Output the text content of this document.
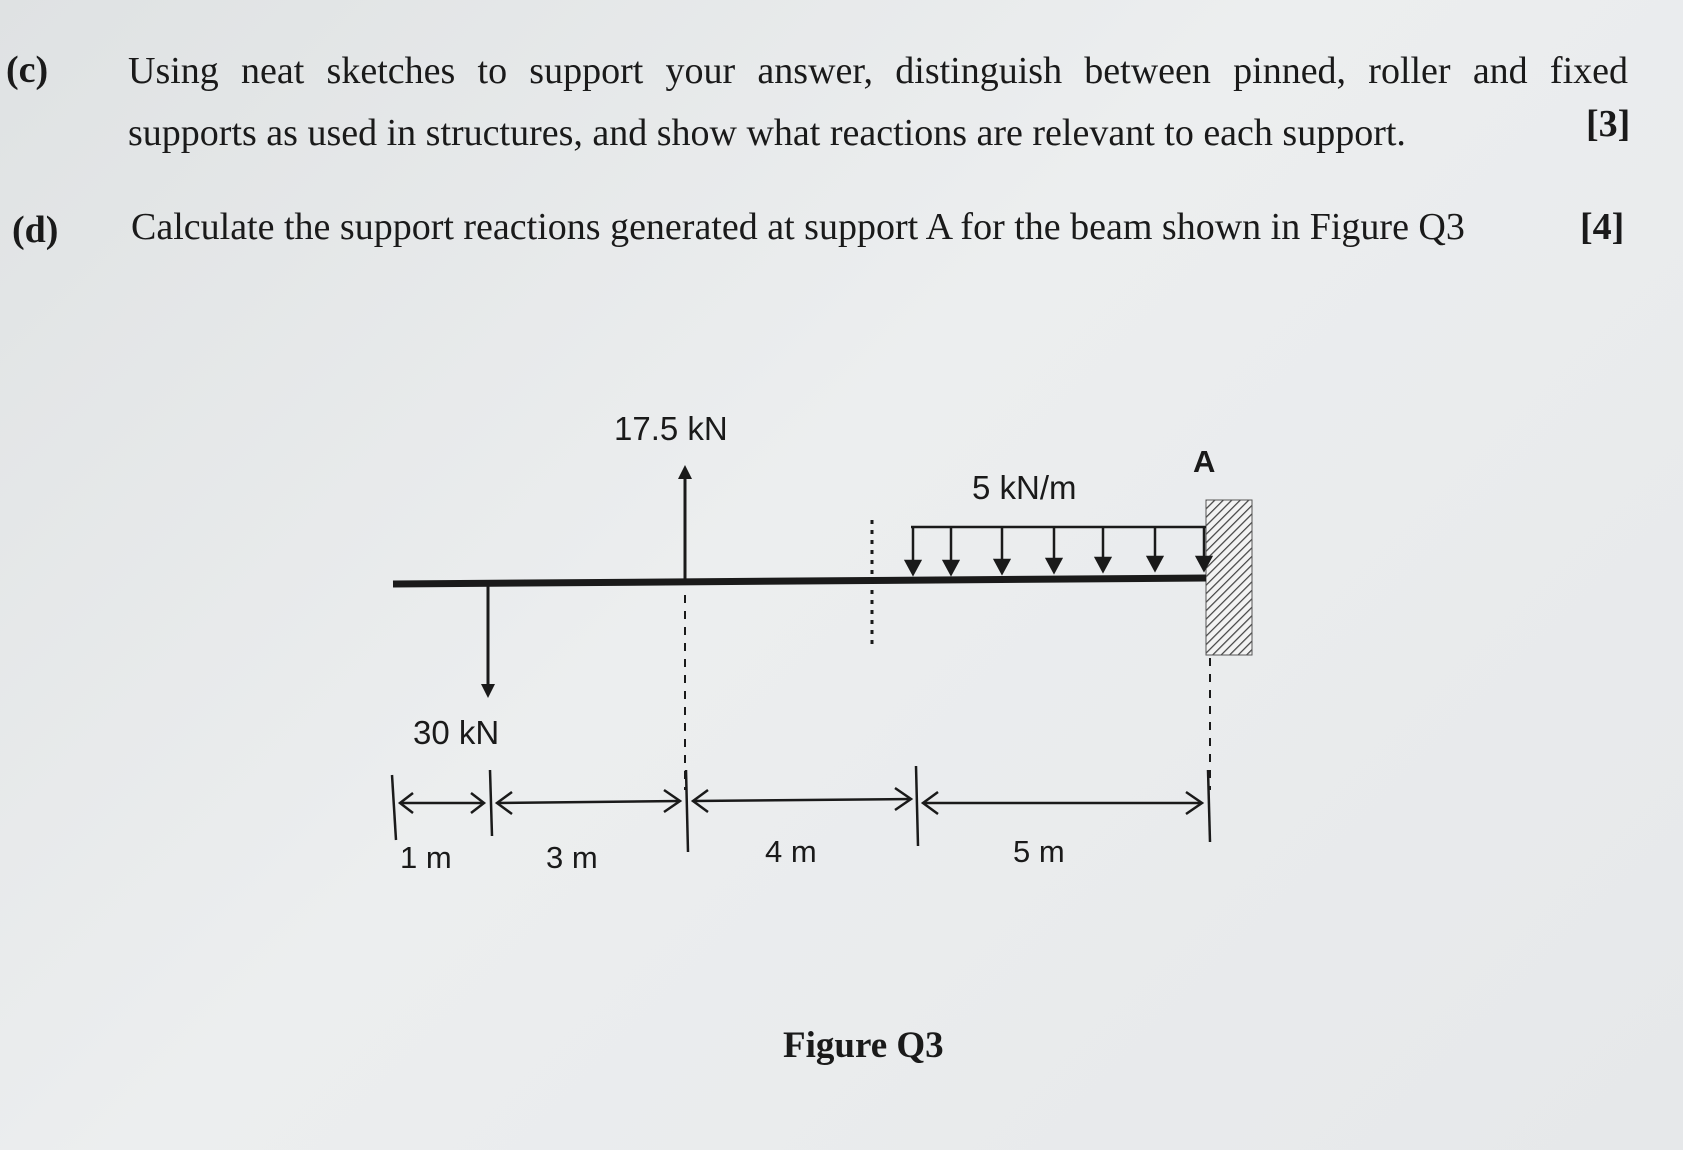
(c) Using neat sketches to support your answer, distinguish between pinned, roller and fixed
supports as used in structures, and show what reactions are relevant to each support.	[3]
(d) Calculate the support reactions generated at support A for the beam shown in Figure Q3	[4]
17.5 kN
5 kN/m
A
30 kN
1 m	3 m	4 m	5 m
Figure Q3
